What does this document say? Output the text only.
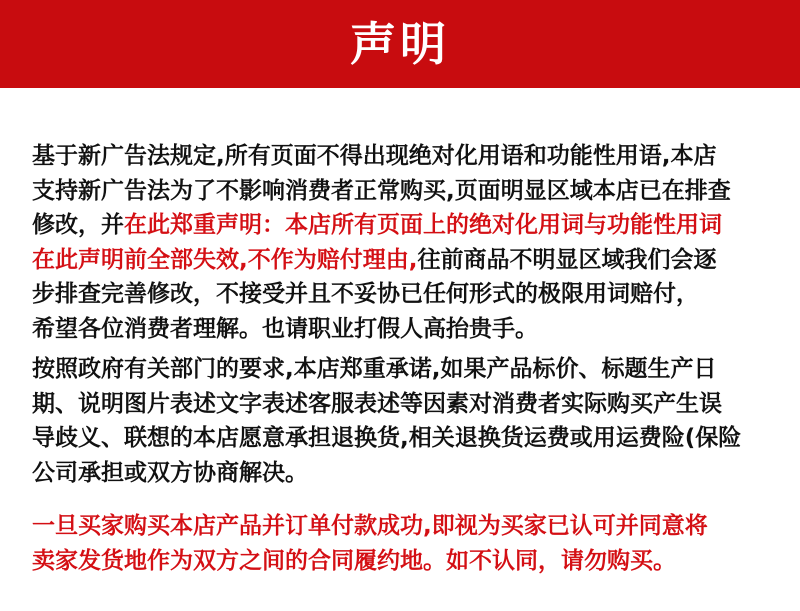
声明
基于新广告法规定,所有页面不得出现绝对化用语和功能性用语,本店
支持新广告法为了不影响消费者正常购买,页面明显区域本店已在排查
修改，并在此郑重声明：本店所有页面上的绝对化用词与功能性用词
在此声明前全部失效,不作为赔付理由,往前商品不明显区域我们会逐
步排查完善修改，不接受并且不妥协已任何形式的极限用词赔付，
希望各位消费者理解。也请职业打假人高抬贵手。
按照政府有关部门的要求,本店郑重承诺,如果产品标价、标题生产日
期、说明图片表述文字表述客服表述等因素对消费者实际购买产生误
导歧义、联想的本店愿意承担退换货,相关退换货运费或用运费险(保险
公司承担或双方协商解决。
一旦买家购买本店产品并订单付款成功,即视为买家已认可并同意将
卖家发货地作为双方之间的合同履约地。如不认同，请勿购买。
